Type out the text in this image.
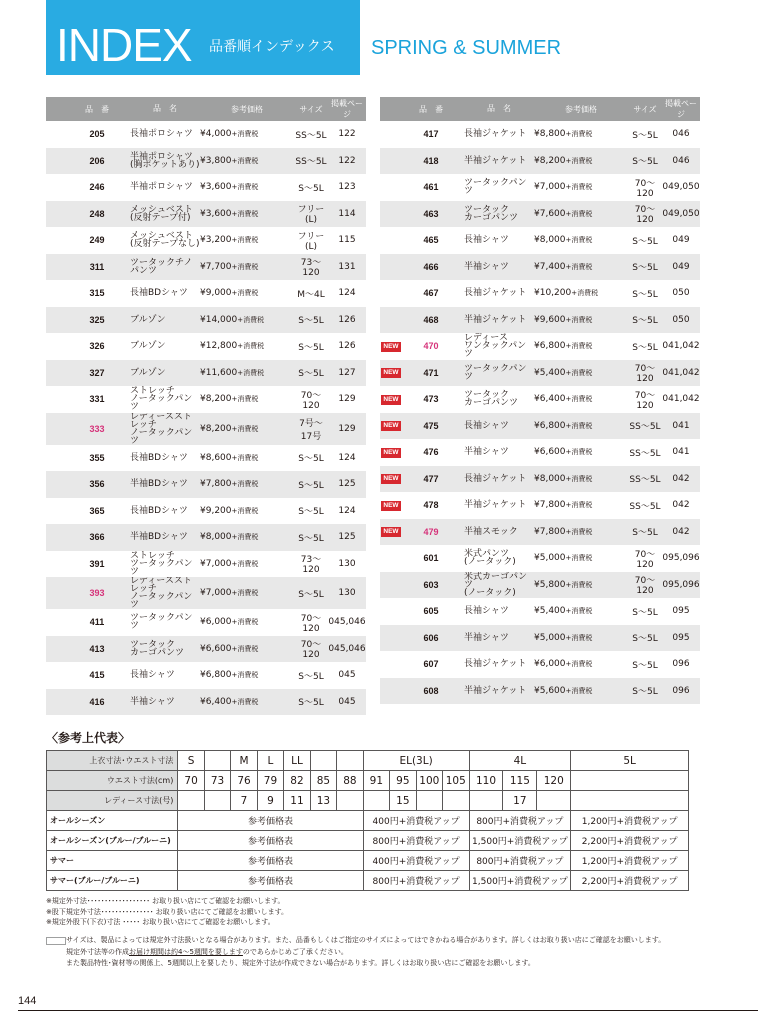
INDEX 品番順インデックス SPRING & SUMMER
	品　番	品　名	参考価格	サイズ	掲載ページ
	205	長袖ポロシャツ	¥4,000+消費税	SS〜5L	122
	206	半袖ポロシャツ
(胸ポケットあり)	¥3,800+消費税	SS〜5L	122
	246	半袖ポロシャツ	¥3,600+消費税	S〜5L	123
	248	メッシュベスト
(反射テープ付)	¥3,600+消費税	フリー(L)	114
	249	メッシュベスト
(反射テープなし)	¥3,200+消費税	フリー(L)	115
	311	ツータックチノパンツ	¥7,700+消費税	73〜120	131
	315	長袖BDシャツ	¥9,000+消費税	M〜4L	124
	325	ブルゾン	¥14,000+消費税	S〜5L	126
	326	ブルゾン	¥12,800+消費税	S〜5L	126
	327	ブルゾン	¥11,600+消費税	S〜5L	127
	331	ストレッチ
ノータックパンツ	¥8,200+消費税	70〜120	129
	333	レディースストレッチ
ノータックパンツ	¥8,200+消費税	7号〜17号	129
	355	長袖BDシャツ	¥8,600+消費税	S〜5L	124
	356	半袖BDシャツ	¥7,800+消費税	S〜5L	125
	365	長袖BDシャツ	¥9,200+消費税	S〜5L	124
	366	半袖BDシャツ	¥8,000+消費税	S〜5L	125
	391	ストレッチ
ツータックパンツ	¥7,000+消費税	73〜120	130
	393	レディースストレッチ
ノータックパンツ	¥7,000+消費税	S〜5L	130
	411	ツータックパンツ	¥6,000+消費税	70〜120	045,046
	413	ツータック
カーゴパンツ	¥6,600+消費税	70〜120	045,046
	415	長袖シャツ	¥6,800+消費税	S〜5L	045
	416	半袖シャツ	¥6,400+消費税	S〜5L	045
	品　番	品　名	参考価格	サイズ	掲載ページ
	417	長袖ジャケット	¥8,800+消費税	S〜5L	046
	418	半袖ジャケット	¥8,200+消費税	S〜5L	046
	461	ツータックパンツ	¥7,000+消費税	70〜120	049,050
	463	ツータック
カーゴパンツ	¥7,600+消費税	70〜120	049,050
	465	長袖シャツ	¥8,000+消費税	S〜5L	049
	466	半袖シャツ	¥7,400+消費税	S〜5L	049
	467	長袖ジャケット	¥10,200+消費税	S〜5L	050
	468	半袖ジャケット	¥9,600+消費税	S〜5L	050
NEW	470	レディース
ワンタックパンツ	¥6,800+消費税	S〜5L	041,042
NEW	471	ツータックパンツ	¥5,400+消費税	70〜120	041,042
NEW	473	ツータック
カーゴパンツ	¥6,400+消費税	70〜120	041,042
NEW	475	長袖シャツ	¥6,800+消費税	SS〜5L	041
NEW	476	半袖シャツ	¥6,600+消費税	SS〜5L	041
NEW	477	長袖ジャケット	¥8,000+消費税	SS〜5L	042
NEW	478	半袖ジャケット	¥7,800+消費税	SS〜5L	042
NEW	479	半袖スモック	¥7,800+消費税	S〜5L	042
	601	米式パンツ
(ノータック)	¥5,000+消費税	70〜120	095,096
	603	米式カーゴパンツ
(ノータック)	¥5,800+消費税	70〜120	095,096
	605	長袖シャツ	¥5,400+消費税	S〜5L	095
	606	半袖シャツ	¥5,000+消費税	S〜5L	095
	607	長袖ジャケット	¥6,000+消費税	S〜5L	096
	608	半袖ジャケット	¥5,600+消費税	S〜5L	096
〈参考上代表〉
上衣寸法･ウエスト寸法	S		M	L	LL			EL(3L)				4L			5L
ウエスト寸法(cm)	70	73	76	79	82	85	88	91	95	100	105	110	115	120	
レディース寸法(号)			7	9	11	13			15				17		
オールシーズン	参考価格表							400円+消費税アップ				800円+消費税アップ			1,200円+消費税アップ
オールシーズン(ブルー/ブルーニ)	参考価格表							800円+消費税アップ				1,500円+消費税アップ			2,200円+消費税アップ
サマー	参考価格表							400円+消費税アップ				800円+消費税アップ			1,200円+消費税アップ
サマー(ブルー/ブルーニ)	参考価格表							800円+消費税アップ				1,500円+消費税アップ			2,200円+消費税アップ
※規定外寸法･･････････････････ お取り扱い店にてご確認をお願いします。
※股下規定外寸法･･･････････････ お取り扱い店にてご確認をお願いします。
※規定外股下(下衣)寸法 ･････ お取り扱い店にてご確認をお願いします。
サイズは、製品によっては規定外寸法扱いとなる場合があります。また、品番もしくはご指定のサイズによってはできかねる場合があります。詳しくはお取り扱い店にご確認をお願いします。
規定外寸法等の作成お届け期間は約4〜5週間を要しますのであらかじめご了承ください。
また製品特性･資材等の関係上、5週間以上を要したり、規定外寸法が作成できない場合があります。詳しくはお取り扱い店にご確認をお願いします。
144
